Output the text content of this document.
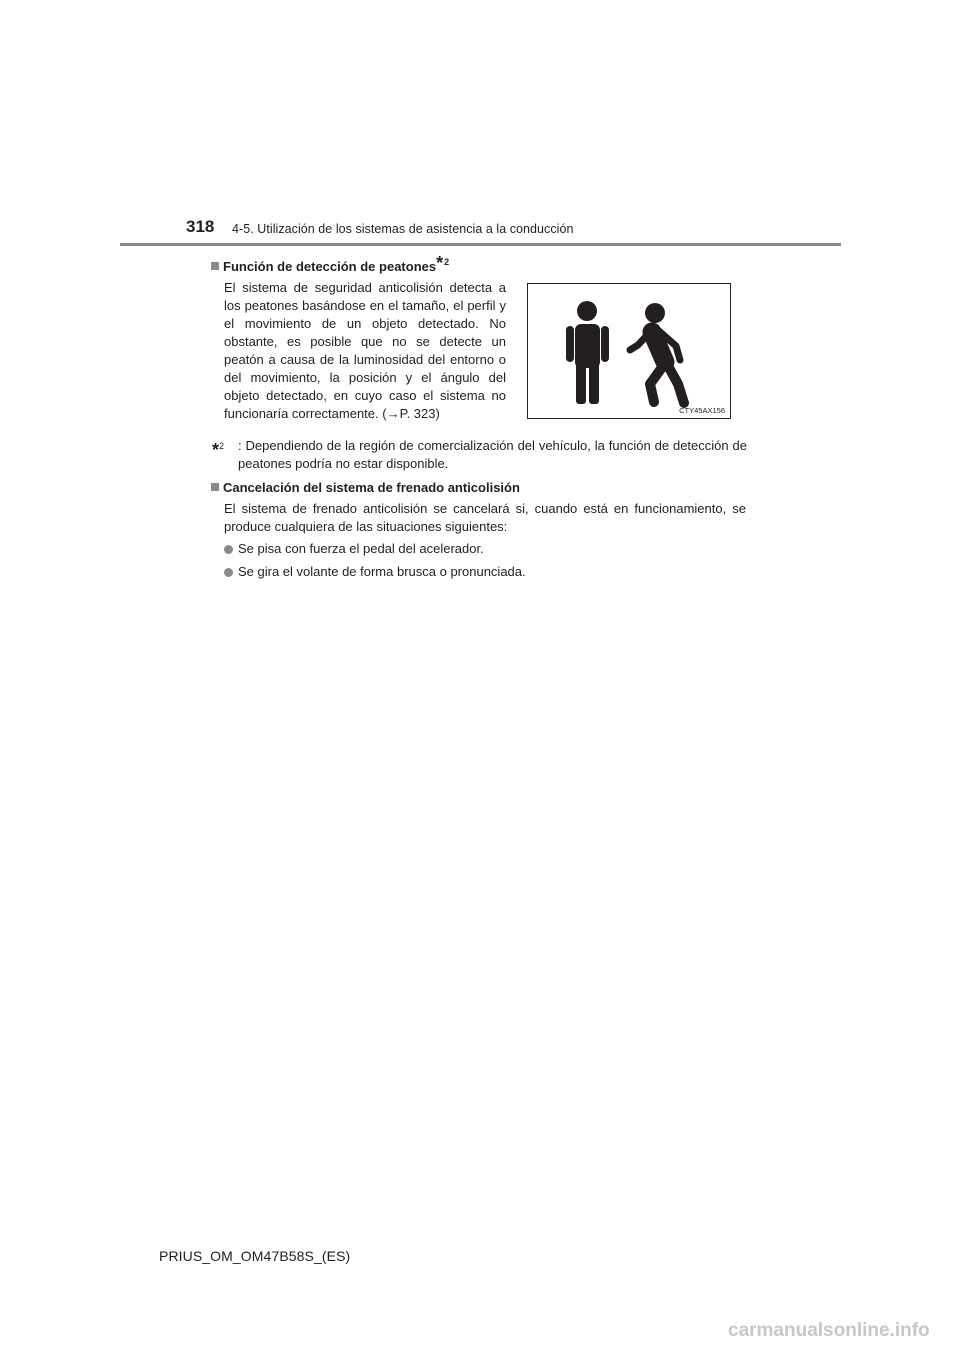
318 4-5. Utilización de los sistemas de asistencia a la conducción
Función de detección de peatones*$^2$
El sistema de seguridad anticolisión detecta a los peatones basándose en el tamaño, el perfil y el movimiento de un objeto detectado. No obstante, es posible que no se detecte un peatón a causa de la luminosidad del entorno o del movimiento, la posición y el ángulo del objeto detectado, en cuyo caso el sistema no funcionaría correctamente. (→P. 323)	CTY45AX156
*$^2$	: Dependiendo de la región de comercialización del vehículo, la función de detección de peatones podría no estar disponible.
Cancelación del sistema de frenado anticolisión
El sistema de frenado anticolisión se cancelará si, cuando está en funcionamiento, se produce cualquiera de las situaciones siguientes:
Se pisa con fuerza el pedal del acelerador.
Se gira el volante de forma brusca o pronunciada.
PRIUS_OM_OM47B58S_(ES)
carmanualsonline.info
